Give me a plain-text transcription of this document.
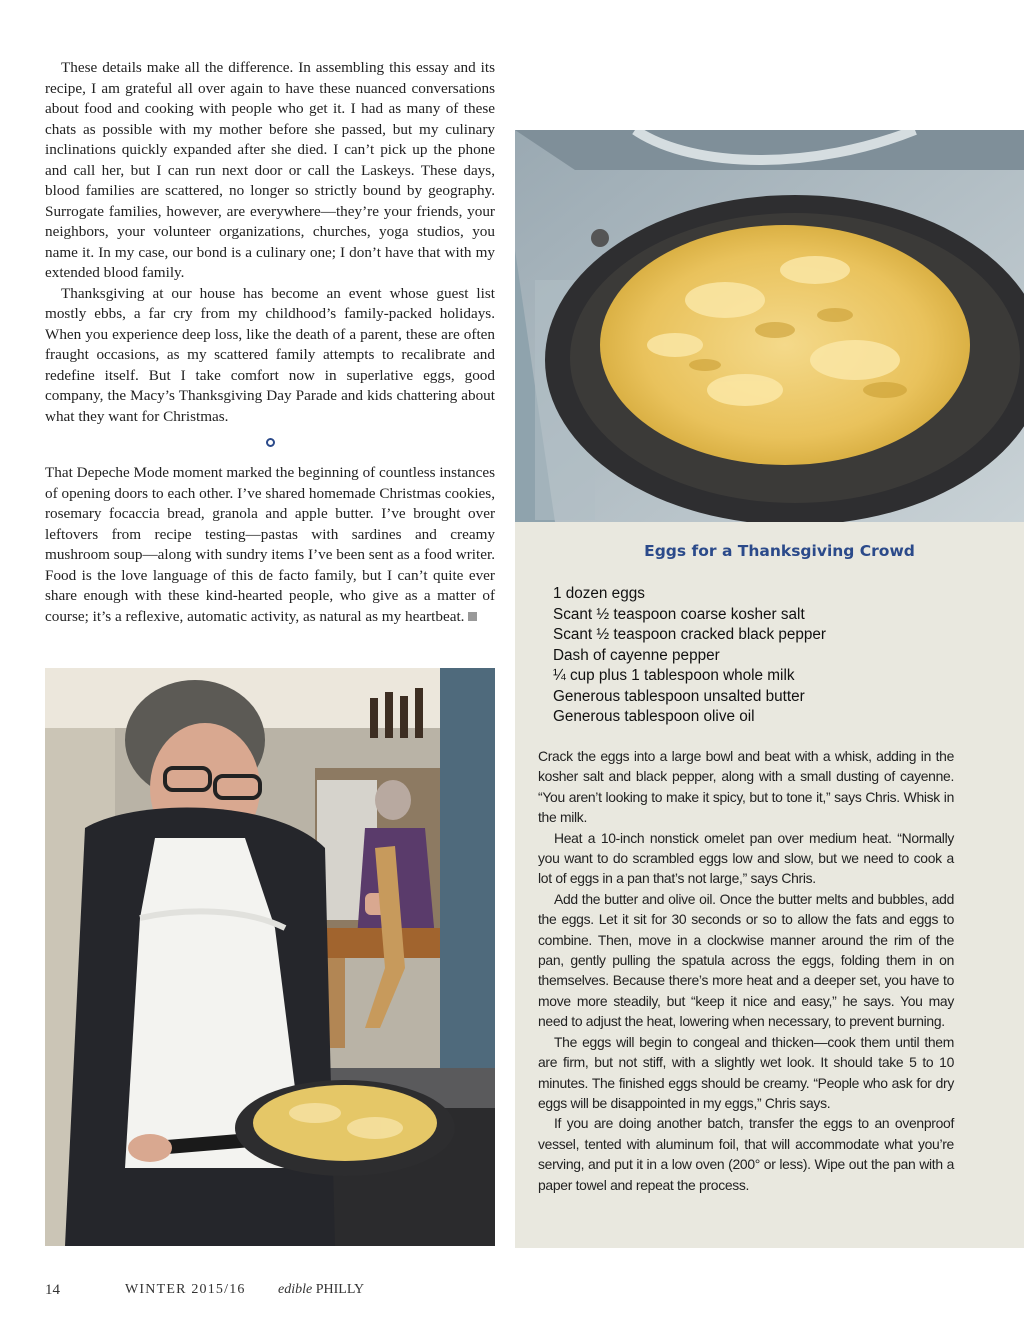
These details make all the difference. In assembling this essay and its recipe, I am grateful all over again to have these nuanced conversations about food and cooking with people who get it. I had as many of these chats as possible with my mother before she passed, but my culinary inclinations quickly expanded after she died. I can’t pick up the phone and call her, but I can run next door or call the Laskeys. These days, blood families are scattered, no longer so strictly bound by geography. Surrogate families, however, are everywhere—they’re your friends, your neighbors, your volunteer organizations, churches, yoga studios, you name it. In my case, our bond is a culinary one; I don’t have that with my extended blood family.

Thanksgiving at our house has become an event whose guest list mostly ebbs, a far cry from my childhood’s family-packed holidays. When you experience deep loss, like the death of a parent, these are often fraught occasions, as my scattered family attempts to recalibrate and redefine itself. But I take comfort now in superlative eggs, good company, the Macy’s Thanksgiving Day Parade and kids chattering about what they want for Christmas.

That Depeche Mode moment marked the beginning of countless instances of opening doors to each other. I’ve shared homemade Christmas cookies, rosemary focaccia bread, granola and apple butter. I’ve brought over leftovers from recipe testing—pastas with sardines and creamy mushroom soup—along with sundry items I’ve been sent as a food writer. Food is the love language of this de facto family, but I can’t quite ever share enough with these kind-hearted people, who give as a matter of course; it’s a reflexive, automatic activity, as natural as my heartbeat.

Eggs for a Thanksgiving Crowd
1 dozen eggs
Scant ½ teaspoon coarse kosher salt
Scant ½ teaspoon cracked black pepper
Dash of cayenne pepper
¼ cup plus 1 tablespoon whole milk
Generous tablespoon unsalted butter
Generous tablespoon olive oil

Crack the eggs into a large bowl and beat with a whisk, adding in the kosher salt and black pepper, along with a small dusting of cayenne. “You aren’t looking to make it spicy, but to tone it,” says Chris. Whisk in the milk.

Heat a 10-inch nonstick omelet pan over medium heat. “Normally you want to do scrambled eggs low and slow, but we need to cook a lot of eggs in a pan that’s not large,” says Chris.

Add the butter and olive oil. Once the butter melts and bubbles, add the eggs. Let it sit for 30 seconds or so to allow the fats and eggs to combine. Then, move in a clockwise manner around the rim of the pan, gently pulling the spatula across the eggs, folding them in on themselves. Because there’s more heat and a deeper set, you have to move more steadily, but “keep it nice and easy,” he says. You may need to adjust the heat, lowering when necessary, to prevent burning.

The eggs will begin to congeal and thicken—cook them until them are firm, but not stiff, with a slightly wet look. It should take 5 to 10 minutes. The finished eggs should be creamy. “People who ask for dry eggs will be disappointed in my eggs,” Chris says.

If you are doing another batch, transfer the eggs to an ovenproof vessel, tented with aluminum foil, that will accommodate what you’re serving, and put it in a low oven (200° or less). Wipe out the pan with a paper towel and repeat the process.

14	WINTER 2015/16 edible PHILLY
